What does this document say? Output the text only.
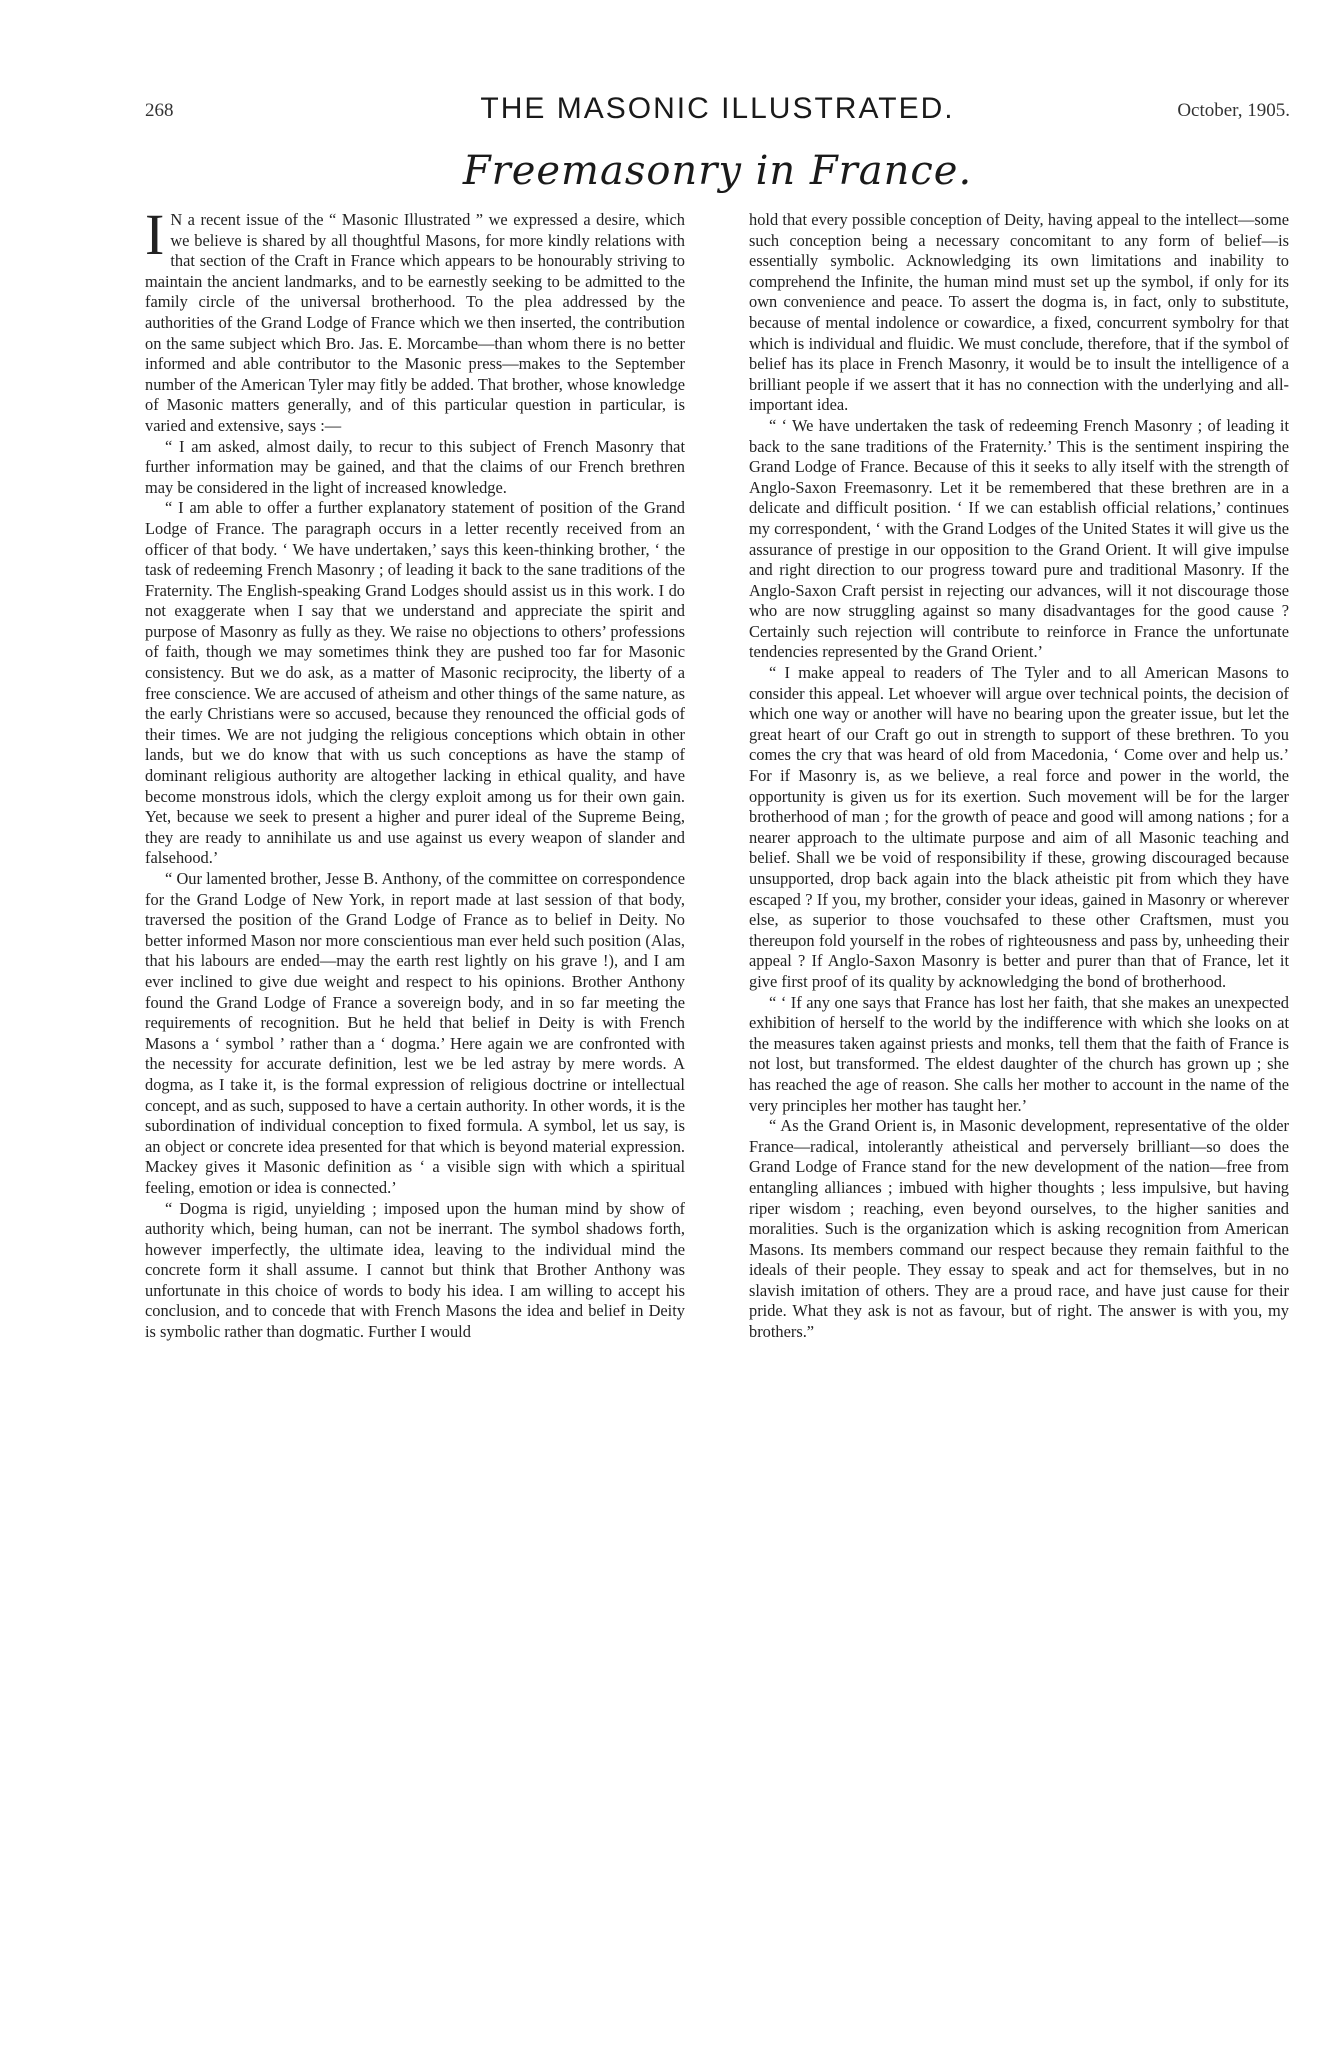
268	THE MASONIC ILLUSTRATED.	October, 1905.
Freemasonry in France.

I N a recent issue of the “ Masonic Illustrated ” we expressed a desire, which we believe is shared by all thoughtful Masons, for more kindly relations with that section of the Craft in France which appears to be honourably striving to maintain the ancient landmarks, and to be earnestly seeking to be admitted to the family circle of the universal brotherhood. To the plea addressed by the authorities of the Grand Lodge of France which we then inserted, the contribution on the same subject which Bro. Jas. E. Morcambe—than whom there is no better informed and able contributor to the Masonic press—makes to the September number of the American Tyler may fitly be added. That brother, whose knowledge of Masonic matters generally, and of this particular question in particular, is varied and extensive, says :—

“ I am asked, almost daily, to recur to this subject of French Masonry that further information may be gained, and that the claims of our French brethren may be considered in the light of increased knowledge.

“ I am able to offer a further explanatory statement of position of the Grand Lodge of France. The paragraph occurs in a letter recently received from an officer of that body. ‘ We have undertaken,’ says this keen-thinking brother, ‘ the task of redeeming French Masonry ; of leading it back to the sane traditions of the Fraternity. The English-speaking Grand Lodges should assist us in this work. I do not exaggerate when I say that we understand and appreciate the spirit and purpose of Masonry as fully as they. We raise no objections to others’ professions of faith, though we may sometimes think they are pushed too far for Masonic consistency. But we do ask, as a matter of Masonic reciprocity, the liberty of a free conscience. We are accused of atheism and other things of the same nature, as the early Christians were so accused, because they renounced the official gods of their times. We are not judging the religious conceptions which obtain in other lands, but we do know that with us such conceptions as have the stamp of dominant religious authority are altogether lacking in ethical quality, and have become monstrous idols, which the clergy exploit among us for their own gain. Yet, because we seek to present a higher and purer ideal of the Supreme Being, they are ready to annihilate us and use against us every weapon of slander and falsehood.’

“ Our lamented brother, Jesse B. Anthony, of the committee on correspondence for the Grand Lodge of New York, in report made at last session of that body, traversed the position of the Grand Lodge of France as to belief in Deity. No better informed Mason nor more conscientious man ever held such position (Alas, that his labours are ended—may the earth rest lightly on his grave !), and I am ever inclined to give due weight and respect to his opinions. Brother Anthony found the Grand Lodge of France a sovereign body, and in so far meeting the requirements of recognition. But he held that belief in Deity is with French Masons a ‘ symbol ’ rather than a ‘ dogma.’ Here again we are confronted with the necessity for accurate definition, lest we be led astray by mere words. A dogma, as I take it, is the formal expression of religious doctrine or intellectual concept, and as such, supposed to have a certain authority. In other words, it is the subordination of individual conception to fixed formula. A symbol, let us say, is an object or concrete idea presented for that which is beyond material expression. Mackey gives it Masonic definition as ‘ a visible sign with which a spiritual feeling, emotion or idea is connected.’

“ Dogma is rigid, unyielding ; imposed upon the human mind by show of authority which, being human, can not be inerrant. The symbol shadows forth, however imperfectly, the ultimate idea, leaving to the individual mind the concrete form it shall assume. I cannot but think that Brother Anthony was unfortunate in this choice of words to body his idea. I am willing to accept his conclusion, and to concede that with French Masons the idea and belief in Deity is symbolic rather than dogmatic. Further I would

hold that every possible conception of Deity, having appeal to the intellect—some such conception being a necessary concomitant to any form of belief—is essentially symbolic. Acknowledging its own limitations and inability to comprehend the Infinite, the human mind must set up the symbol, if only for its own convenience and peace. To assert the dogma is, in fact, only to substitute, because of mental indolence or cowardice, a fixed, concurrent symbolry for that which is individual and fluidic. We must conclude, therefore, that if the symbol of belief has its place in French Masonry, it would be to insult the intelligence of a brilliant people if we assert that it has no connection with the underlying and all-important idea.

“ ‘ We have undertaken the task of redeeming French Masonry ; of leading it back to the sane traditions of the Fraternity.’ This is the sentiment inspiring the Grand Lodge of France. Because of this it seeks to ally itself with the strength of Anglo-Saxon Freemasonry. Let it be remembered that these brethren are in a delicate and difficult position. ‘ If we can establish official relations,’ continues my correspondent, ‘ with the Grand Lodges of the United States it will give us the assurance of prestige in our opposition to the Grand Orient. It will give impulse and right direction to our progress toward pure and traditional Masonry. If the Anglo-Saxon Craft persist in rejecting our advances, will it not discourage those who are now struggling against so many disadvantages for the good cause ? Certainly such rejection will contribute to reinforce in France the unfortunate tendencies represented by the Grand Orient.’

“ I make appeal to readers of The Tyler and to all American Masons to consider this appeal. Let whoever will argue over technical points, the decision of which one way or another will have no bearing upon the greater issue, but let the great heart of our Craft go out in strength to support of these brethren. To you comes the cry that was heard of old from Macedonia, ‘ Come over and help us.’ For if Masonry is, as we believe, a real force and power in the world, the opportunity is given us for its exertion. Such movement will be for the larger brotherhood of man ; for the growth of peace and good will among nations ; for a nearer approach to the ultimate purpose and aim of all Masonic teaching and belief. Shall we be void of responsibility if these, growing discouraged because unsupported, drop back again into the black atheistic pit from which they have escaped ? If you, my brother, consider your ideas, gained in Masonry or wherever else, as superior to those vouchsafed to these other Craftsmen, must you thereupon fold yourself in the robes of righteousness and pass by, unheeding their appeal ? If Anglo-Saxon Masonry is better and purer than that of France, let it give first proof of its quality by acknowledging the bond of brotherhood.

“ ‘ If any one says that France has lost her faith, that she makes an unexpected exhibition of herself to the world by the indifference with which she looks on at the measures taken against priests and monks, tell them that the faith of France is not lost, but transformed. The eldest daughter of the church has grown up ; she has reached the age of reason. She calls her mother to account in the name of the very principles her mother has taught her.’

“ As the Grand Orient is, in Masonic development, representative of the older France—radical, intolerantly atheistical and perversely brilliant—so does the Grand Lodge of France stand for the new development of the nation—free from entangling alliances ; imbued with higher thoughts ; less impulsive, but having riper wisdom ; reaching, even beyond ourselves, to the higher sanities and moralities. Such is the organization which is asking recognition from American Masons. Its members command our respect because they remain faithful to the ideals of their people. They essay to speak and act for themselves, but in no slavish imitation of others. They are a proud race, and have just cause for their pride. What they ask is not as favour, but of right. The answer is with you, my brothers.”
